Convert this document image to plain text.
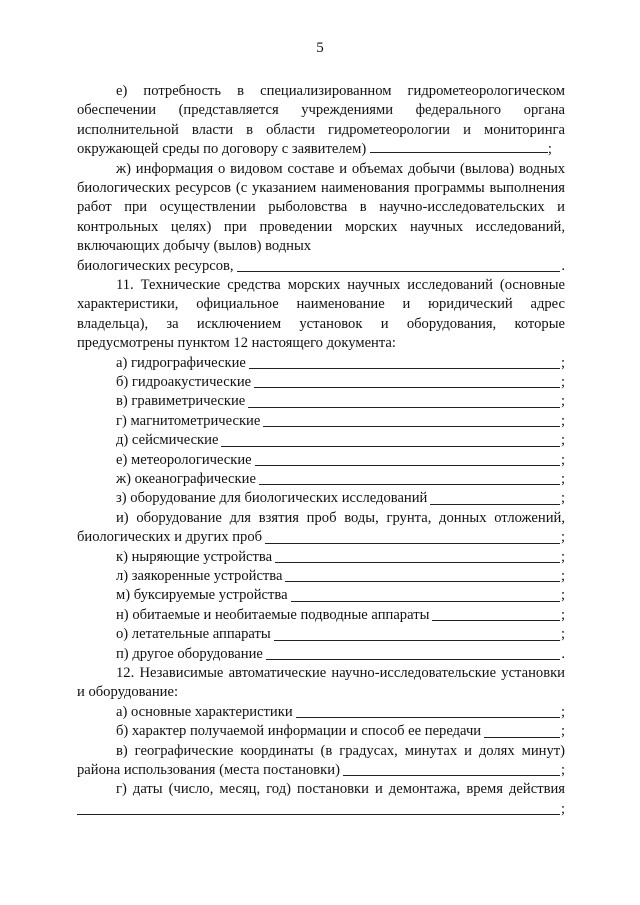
5

е) потребность в специализированном гидрометеорологическом обеспечении (представляется учреждениями федерального органа исполнительной власти в области гидрометеорологии и мониторинга окружающей среды по договору с заявителем)	;

ж) информация о видовом составе и объемах добычи (вылова) водных биологических ресурсов (с указанием наименования программы выполнения работ при осуществлении рыболовства в научно-исследовательских и контрольных целях) при проведении морских научных исследований, включающих добычу (вылов) водных

биологических ресурсов,	.

11. Технические средства морских научных исследований (основные характеристики, официальное наименование и юридический адрес владельца), за исключением установок и оборудования, которые предусмотрены пунктом 12 настоящего документа:

а) гидрографические	;
б) гидроакустические	;
в) гравиметрические	;
г) магнитометрические	;
д) сейсмические	;
е) метеорологические	;
ж) океанографические	;
з) оборудование для биологических исследований	;

и) оборудование для взятия проб воды, грунта, донных отложений,

биологических и других проб	;
к) ныряющие устройства	;
л) заякоренные устройства	;
м) буксируемые устройства	;
н) обитаемые и необитаемые подводные аппараты	;
о) летательные аппараты	;
п) другое оборудование	.

12. Независимые автоматические научно-исследовательские установки и оборудование:

а) основные характеристики	;
б) характер получаемой информации и способ ее передачи	;

в) географические координаты (в градусах, минутах и долях минут)

района использования (места постановки)	;

г) даты (число, месяц, год) постановки и демонтажа, время действия

;
